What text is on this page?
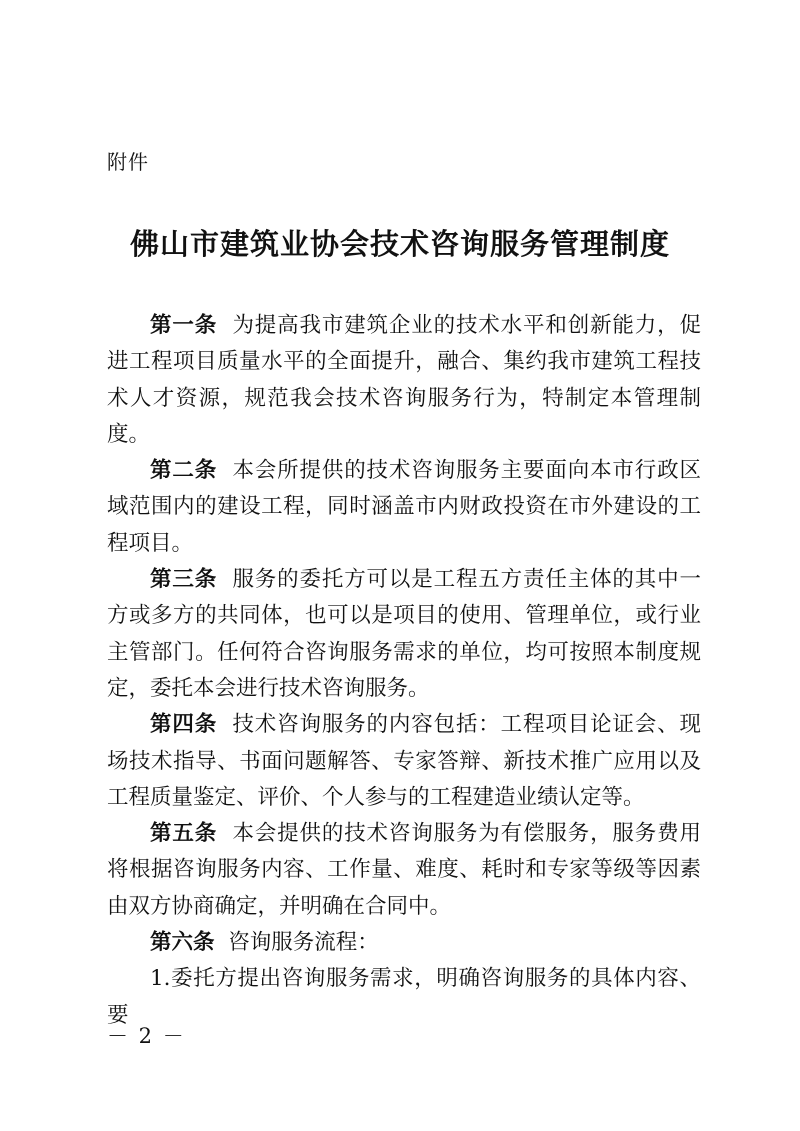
附件
佛山市建筑业协会技术咨询服务管理制度

第一条 为提高我市建筑企业的技术水平和创新能力，促进工程项目质量水平的全面提升，融合、集约我市建筑工程技术人才资源，规范我会技术咨询服务行为，特制定本管理制度。

第二条 本会所提供的技术咨询服务主要面向本市行政区域范围内的建设工程，同时涵盖市内财政投资在市外建设的工程项目。

第三条 服务的委托方可以是工程五方责任主体的其中一方或多方的共同体，也可以是项目的使用、管理单位，或行业主管部门。任何符合咨询服务需求的单位，均可按照本制度规定，委托本会进行技术咨询服务。

第四条 技术咨询服务的内容包括：工程项目论证会、现场技术指导、书面问题解答、专家答辩、新技术推广应用以及工程质量鉴定、评价、个人参与的工程建造业绩认定等。

第五条 本会提供的技术咨询服务为有偿服务，服务费用将根据咨询服务内容、工作量、难度、耗时和专家等级等因素由双方协商确定，并明确在合同中。

第六条 咨询服务流程：

1.委托方提出咨询服务需求，明确咨询服务的具体内容、要

－ 2 －
